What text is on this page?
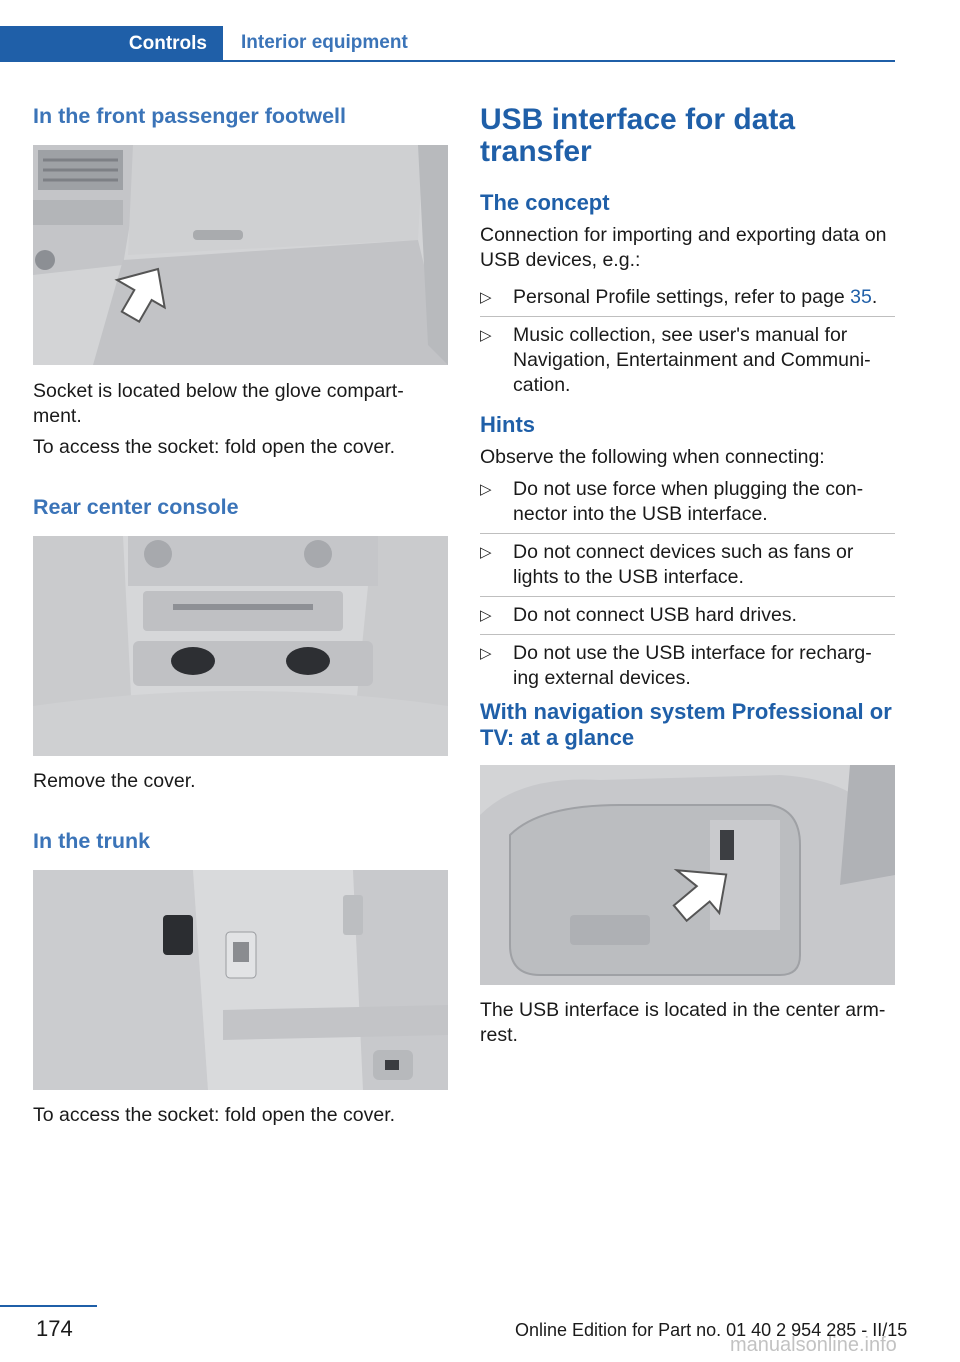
Controls	Interior equipment
In the front passenger footwell

Socket is located below the glove compart‐ment.

To access the socket: fold open the cover.

Rear center console

Remove the cover.

In the trunk

To access the socket: fold open the cover.

USB interface for data transfer
The concept

Connection for importing and exporting data on USB devices, e.g.:

▷ Personal Profile settings, refer to page 35.
▷ Music collection, see user's manual for Navigation, Entertainment and Communi‐cation.
Hints

Observe the following when connecting:

▷ Do not use force when plugging the con‐nector into the USB interface.
▷ Do not connect devices such as fans or lights to the USB interface.
▷ Do not connect USB hard drives.
▷ Do not use the USB interface for recharg‐ing external devices.
With navigation system Professional or TV: at a glance

The USB interface is located in the center arm‐rest.

174	Online Edition for Part no. 01 40 2 954 285 - II/15
manualsonline.info
